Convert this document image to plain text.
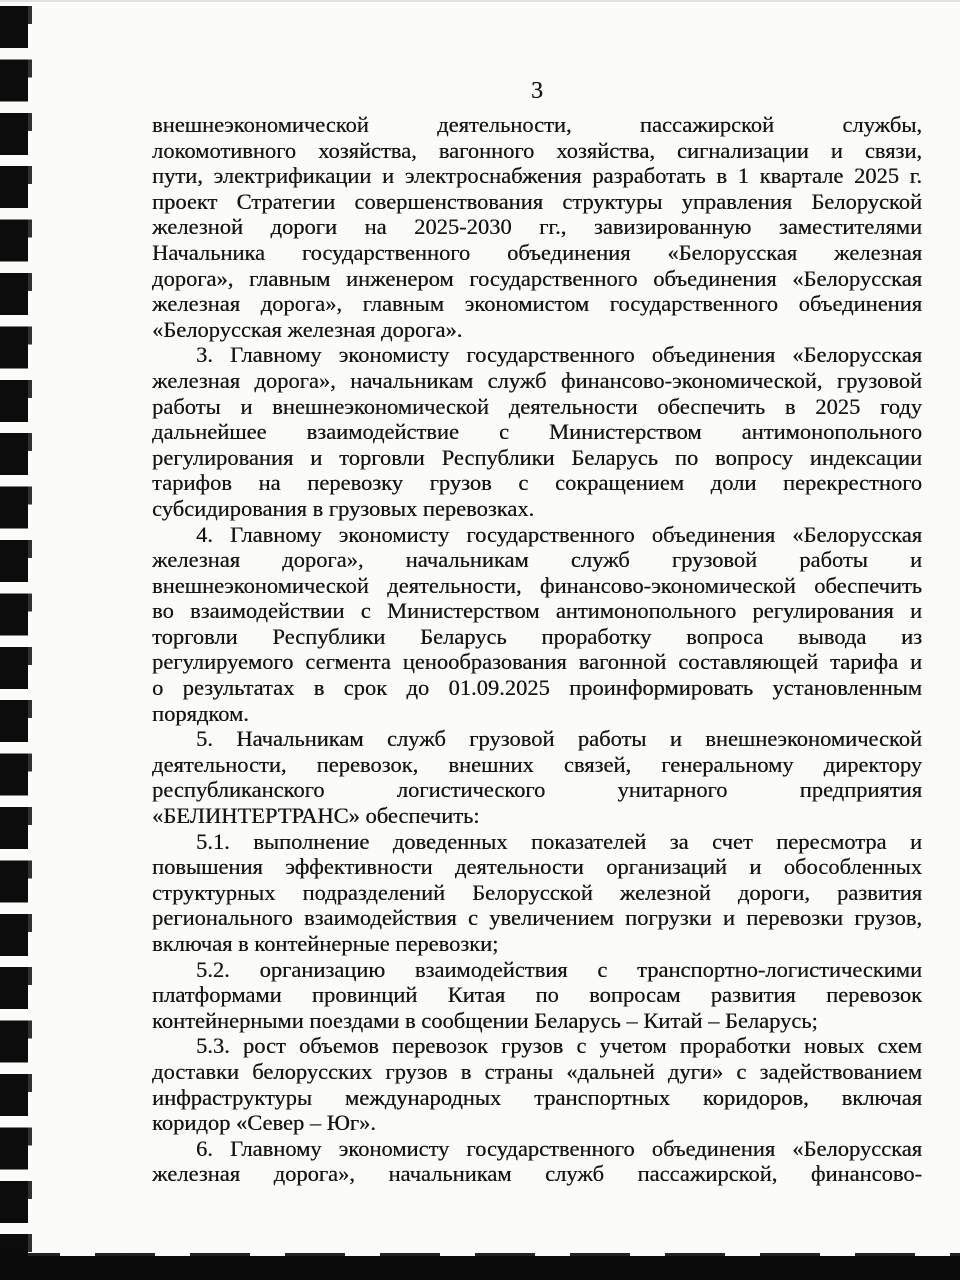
3
внешнеэкономической деятельности, пассажирской службы,
локомотивного хозяйства, вагонного хозяйства, сигнализации и связи,
пути, электрификации и электроснабжения разработать в 1 квартале 2025 г.
проект Стратегии совершенствования структуры управления Белоруской
железной дороги на 2025-2030 гг., завизированную заместителями
Начальника государственного объединения «Белорусская железная
дорога», главным инженером государственного объединения «Белорусская
железная дорога», главным экономистом государственного объединения
«Белорусская железная дорога».
3. Главному экономисту государственного объединения «Белорусская
железная дорога», начальникам служб финансово-экономической, грузовой
работы и внешнеэкономической деятельности обеспечить в 2025 году
дальнейшее взаимодействие с Министерством антимонопольного
регулирования и торговли Республики Беларусь по вопросу индексации
тарифов на перевозку грузов с сокращением доли перекрестного
субсидирования в грузовых перевозках.
4. Главному экономисту государственного объединения «Белорусская
железная дорога», начальникам служб грузовой работы и
внешнеэкономической деятельности, финансово-экономической обеспечить
во взаимодействии с Министерством антимонопольного регулирования и
торговли Республики Беларусь проработку вопроса вывода из
регулируемого сегмента ценообразования вагонной составляющей тарифа и
о результатах в срок до 01.09.2025 проинформировать установленным
порядком.
5. Начальникам служб грузовой работы и внешнеэкономической
деятельности, перевозок, внешних связей, генеральному директору
республиканского логистического унитарного предприятия
«БЕЛИНТЕРТРАНС» обеспечить:
5.1. выполнение доведенных показателей за счет пересмотра и
повышения эффективности деятельности организаций и обособленных
структурных подразделений Белорусской железной дороги, развития
регионального взаимодействия с увеличением погрузки и перевозки грузов,
включая в контейнерные перевозки;
5.2. организацию взаимодействия с транспортно-логистическими
платформами провинций Китая по вопросам развития перевозок
контейнерными поездами в сообщении Беларусь – Китай – Беларусь;
5.3. рост объемов перевозок грузов с учетом проработки новых схем
доставки белорусских грузов в страны «дальней дуги» с задействованием
инфраструктуры международных транспортных коридоров, включая
коридор «Север – Юг».
6. Главному экономисту государственного объединения «Белорусская
железная дорога», начальникам служб пассажирской, финансово-
